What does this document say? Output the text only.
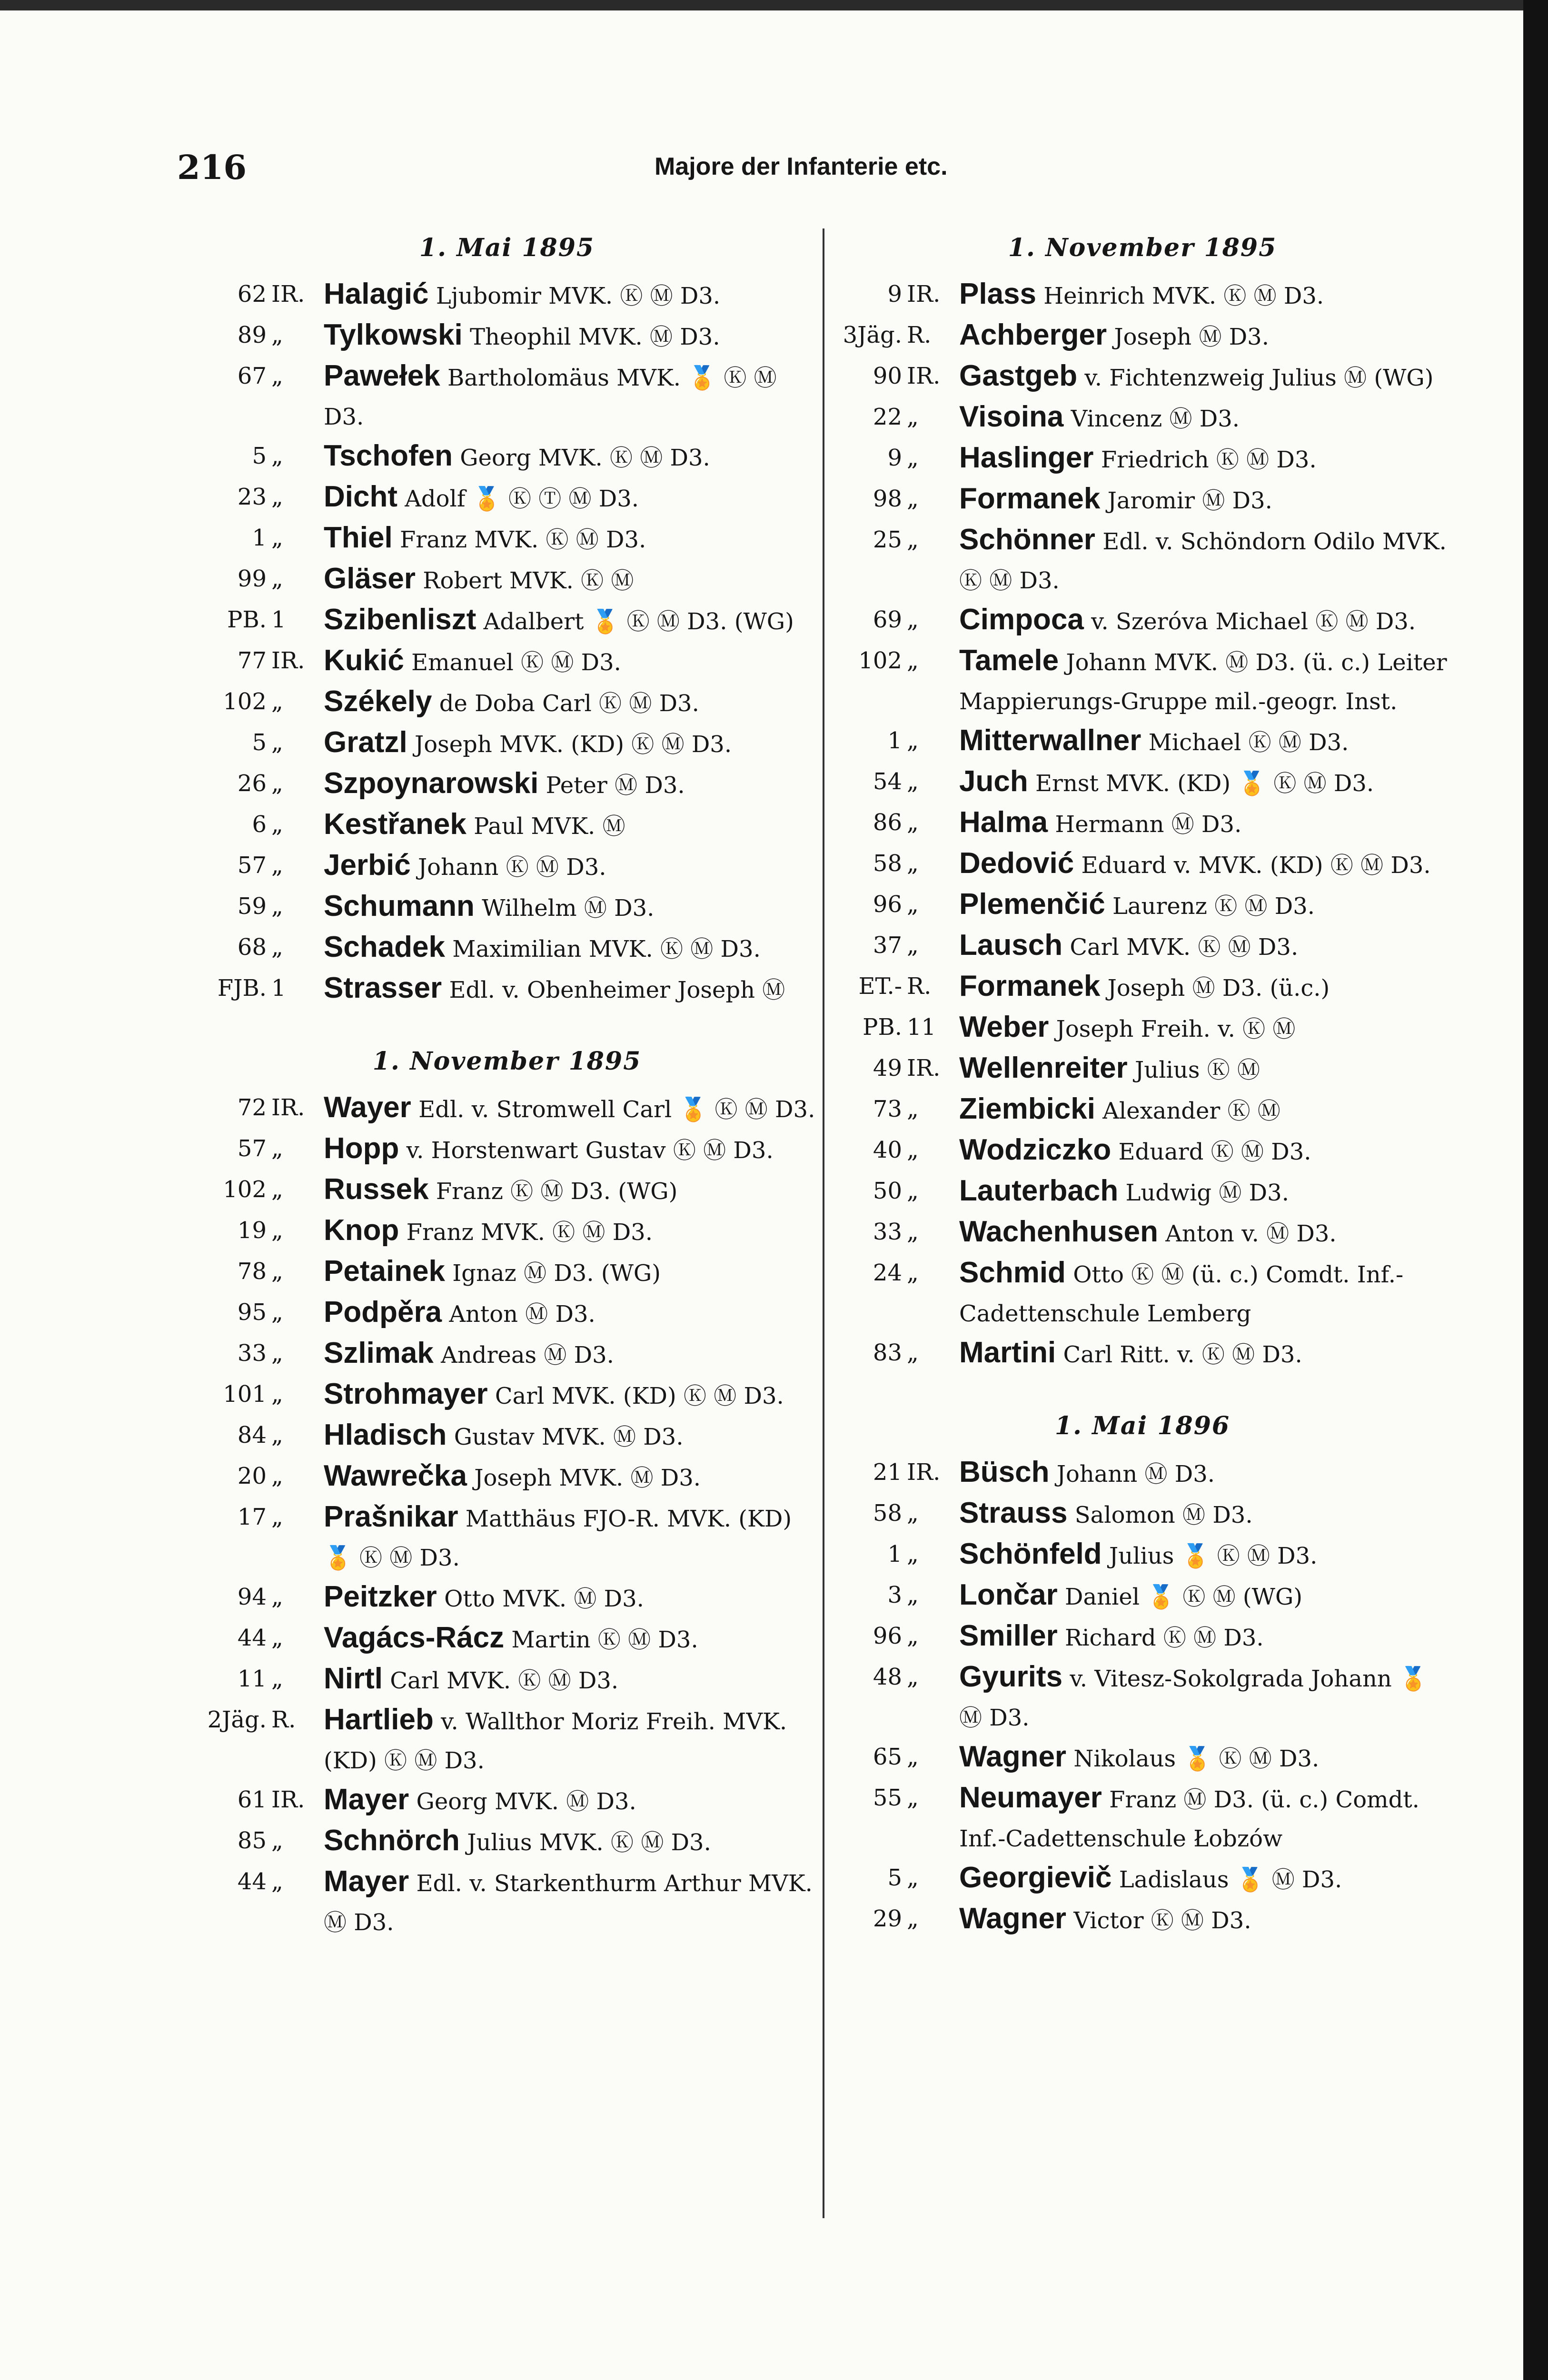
216	Majore der Infanterie etc.
1. Mai 1895
62 IR. Halagić Ljubomir MVK. Ⓚ Ⓜ D3.
89 „	Tylkowski Theophil MVK. Ⓜ D3.
67 „	Pawełek Bartholomäus MVK. 🏅 Ⓚ Ⓜ D3.
5 „	Tschofen Georg MVK. Ⓚ Ⓜ D3.
23 „	Dicht Adolf 🏅 Ⓚ Ⓣ Ⓜ D3.
1 „	Thiel Franz MVK. Ⓚ Ⓜ D3.
99 „	Gläser Robert MVK. Ⓚ Ⓜ
PB. 1	Szibenliszt Adalbert 🏅 Ⓚ Ⓜ D3. (WG)
77 IR. Kukić Emanuel Ⓚ Ⓜ D3.
102 „	Székely de Doba Carl Ⓚ Ⓜ D3.
5 „	Gratzl Joseph MVK. (KD) Ⓚ Ⓜ D3.
26 „	Szpoynarowski Peter Ⓜ D3.
6 „	Kestřanek Paul MVK. Ⓜ
57 „	Jerbić Johann Ⓚ Ⓜ D3.
59 „	Schumann Wilhelm Ⓜ D3.
68 „	Schadek Maximilian MVK. Ⓚ Ⓜ D3.
FJB. 1	Strasser Edl. v. Obenheimer Joseph Ⓜ
1. November 1895
72 IR. Wayer Edl. v. Stromwell Carl 🏅 Ⓚ Ⓜ D3.
57 „	Hopp v. Horstenwart Gustav Ⓚ Ⓜ D3.
102 „	Russek Franz Ⓚ Ⓜ D3. (WG)
19 „	Knop Franz MVK. Ⓚ Ⓜ D3.
78 „	Petainek Ignaz Ⓜ D3. (WG)
95 „	Podpěra Anton Ⓜ D3.
33 „	Szlimak Andreas Ⓜ D3.
101 „	Strohmayer Carl MVK. (KD) Ⓚ Ⓜ D3.
84 „	Hladisch Gustav MVK. Ⓜ D3.
20 „	Wawrečka Joseph MVK. Ⓜ D3.
17 „	Prašnikar Matthäus FJO-R. MVK. (KD) 🏅 Ⓚ Ⓜ D3.
94 „	Peitzker Otto MVK. Ⓜ D3.
44 „	Vagács-Rácz Martin Ⓚ Ⓜ D3.
11 „	Nirtl Carl MVK. Ⓚ Ⓜ D3.
2Jäg. R. Hartlieb v. Wallthor Moriz Freih. MVK. (KD) Ⓚ Ⓜ D3.
61 IR. Mayer Georg MVK. Ⓜ D3.
85 „	Schnörch Julius MVK. Ⓚ Ⓜ D3.
44 „	Mayer Edl. v. Starkenthurm Arthur MVK. Ⓜ D3.
1. November 1895
9 IR. Plass Heinrich MVK. Ⓚ Ⓜ D3.
3Jäg. R. Achberger Joseph Ⓜ D3.
90 IR. Gastgeb v. Fichtenzweig Julius Ⓜ (WG)
22 „	Visoina Vincenz Ⓜ D3.
9 „	Haslinger Friedrich Ⓚ Ⓜ D3.
98 „	Formanek Jaromir Ⓜ D3.
25 „	Schönner Edl. v. Schöndorn Odilo MVK. Ⓚ Ⓜ D3.
69 „	Cimpoca v. Szeróva Michael Ⓚ Ⓜ D3.
102 „	Tamele Johann MVK. Ⓜ D3. (ü. c.) Leiter Mappierungs-Gruppe mil.-geogr. Inst.
1 „	Mitterwallner Michael Ⓚ Ⓜ D3.
54 „	Juch Ernst MVK. (KD) 🏅 Ⓚ Ⓜ D3.
86 „	Halma Hermann Ⓜ D3.
58 „	Dedović Eduard v. MVK. (KD) Ⓚ Ⓜ D3.
96 „	Plemenčić Laurenz Ⓚ Ⓜ D3.
37 „	Lausch Carl MVK. Ⓚ Ⓜ D3.
ET.- R. Formanek Joseph Ⓜ D3. (ü.c.)
PB. 11 Weber Joseph Freih. v. Ⓚ Ⓜ
49 IR. Wellenreiter Julius Ⓚ Ⓜ
73 „	Ziembicki Alexander Ⓚ Ⓜ
40 „	Wodziczko Eduard Ⓚ Ⓜ D3.
50 „	Lauterbach Ludwig Ⓜ D3.
33 „	Wachenhusen Anton v. Ⓜ D3.
24 „	Schmid Otto Ⓚ Ⓜ (ü. c.) Comdt. Inf.-Cadettenschule Lemberg
83 „	Martini Carl Ritt. v. Ⓚ Ⓜ D3.
1. Mai 1896
21 IR. Büsch Johann Ⓜ D3.
58 „	Strauss Salomon Ⓜ D3.
1 „	Schönfeld Julius 🏅 Ⓚ Ⓜ D3.
3 „	Lončar Daniel 🏅 Ⓚ Ⓜ (WG)
96 „	Smiller Richard Ⓚ Ⓜ D3.
48 „	Gyurits v. Vitesz-Sokolgrada Johann 🏅 Ⓜ D3.
65 „	Wagner Nikolaus 🏅 Ⓚ Ⓜ D3.
55 „	Neumayer Franz Ⓜ D3. (ü. c.) Comdt. Inf.-Cadettenschule Łobzów
5 „	Georgievič Ladislaus 🏅 Ⓜ D3.
29 „	Wagner Victor Ⓚ Ⓜ D3.
